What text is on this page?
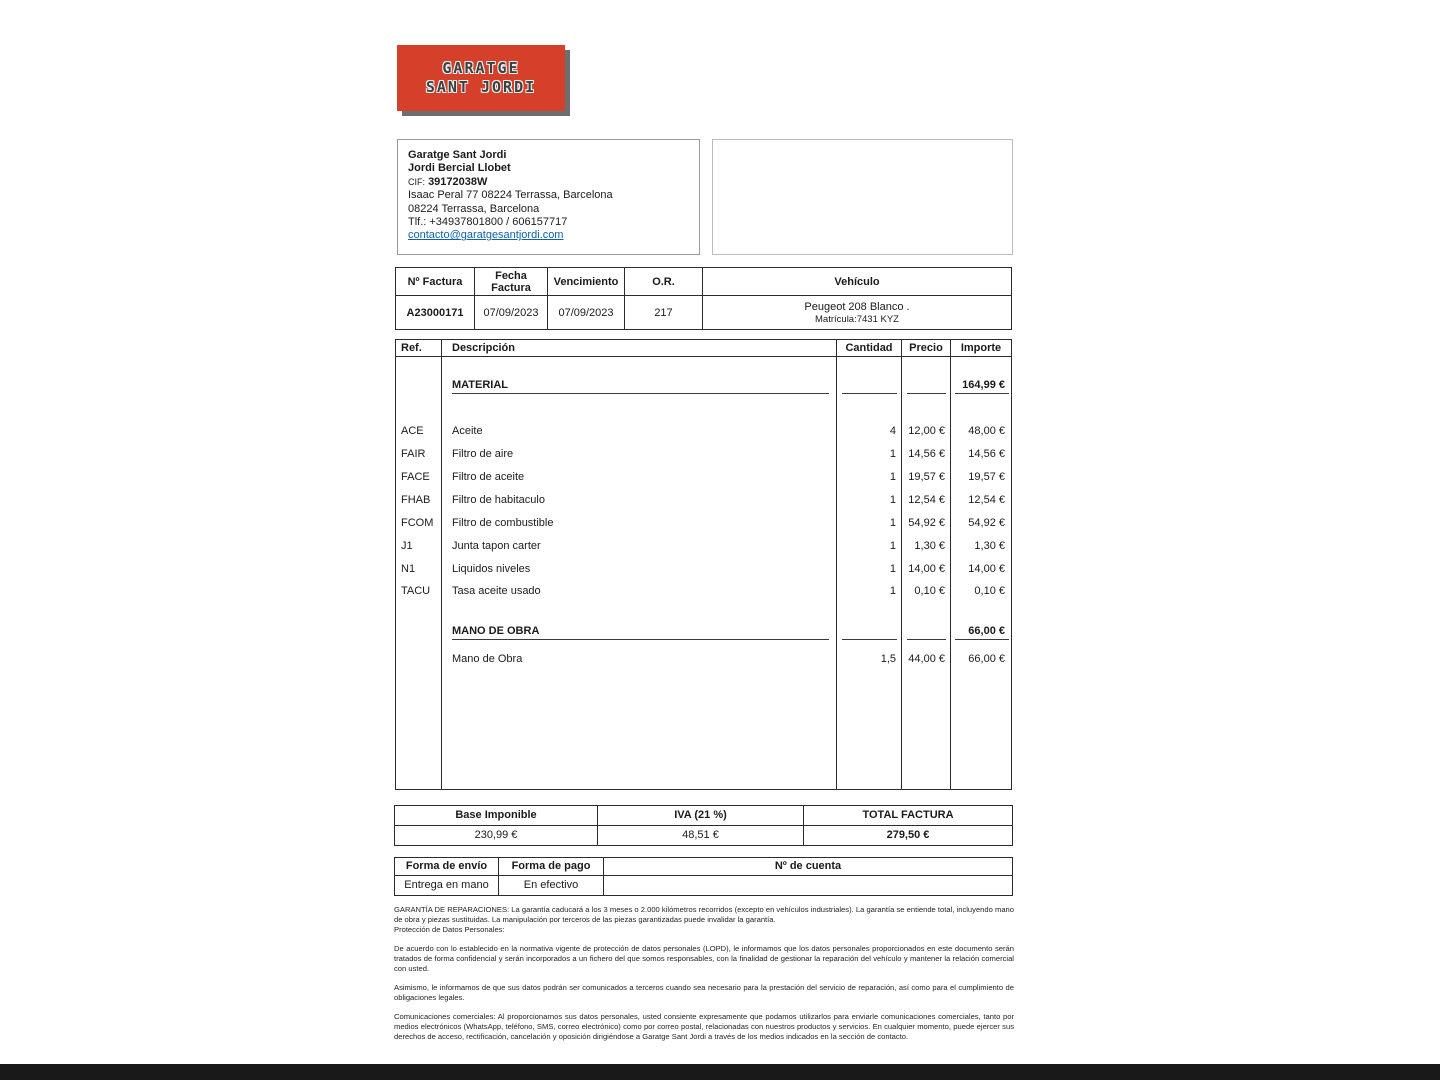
GARATGE
SANT JORDI
Garatge Sant Jordi
Jordi Bercial Llobet
CIF: 39172038W
Isaac Peral 77 08224 Terrassa, Barcelona
08224 Terrassa, Barcelona
Tlf.: +34937801800 / 606157717
contacto@garatgesantjordi.com
Nº Factura	Fecha Factura	Vencimiento	O.R.	Vehículo
A23000171	07/09/2023	07/09/2023	217	Peugeot 208 Blanco .
Matrícula:7431 KYZ
Ref.	Descripción	Cantidad	Precio	Importe
MATERIAL	164,99 €
ACE	Aceite	4	12,00 €	48,00 €
FAIR	Filtro de aire	1	14,56 €	14,56 €
FACE	Filtro de aceite	1	19,57 €	19,57 €
FHAB	Filtro de habitaculo	1	12,54 €	12,54 €
FCOM	Filtro de combustible	1	54,92 €	54,92 €
J1	Junta tapon carter	1	1,30 €	1,30 €
N1	Liquidos niveles	1	14,00 €	14,00 €
TACU	Tasa aceite usado	1	0,10 €	0,10 €
MANO DE OBRA	66,00 €
Mano de Obra	1,5	44,00 €	66,00 €
Base Imponible	IVA (21 %)	TOTAL FACTURA
230,99 €	48,51 €	279,50 €
Forma de envío	Forma de pago	Nº de cuenta
Entrega en mano	En efectivo

GARANTÍA DE REPARACIONES: La garantía caducará a los 3 meses o 2.000 kilómetros recorridos (excepto en vehículos industriales). La garantía se entiende total, incluyendo mano de obra y piezas sustituidas. La manipulación por terceros de las piezas garantizadas puede invalidar la garantía.

Protección de Datos Personales:

De acuerdo con lo establecido en la normativa vigente de protección de datos personales (LOPD), le informamos que los datos personales proporcionados en este documento serán tratados de forma confidencial y serán incorporados a un fichero del que somos responsables, con la finalidad de gestionar la reparación del vehículo y mantener la relación comercial con usted.

Asimismo, le informamos de que sus datos podrán ser comunicados a terceros cuando sea necesario para la prestación del servicio de reparación, así como para el cumplimiento de obligaciones legales.

Comunicaciones comerciales: Al proporcionarnos sus datos personales, usted consiente expresamente que podamos utilizarlos para enviarle comunicaciones comerciales, tanto por medios electrónicos (WhatsApp, teléfono, SMS, correo electrónico) como por correo postal, relacionadas con nuestros productos y servicios. En cualquier momento, puede ejercer sus derechos de acceso, rectificación, cancelación y oposición dirigiéndose a Garatge Sant Jordi a través de los medios indicados en la sección de contacto.
